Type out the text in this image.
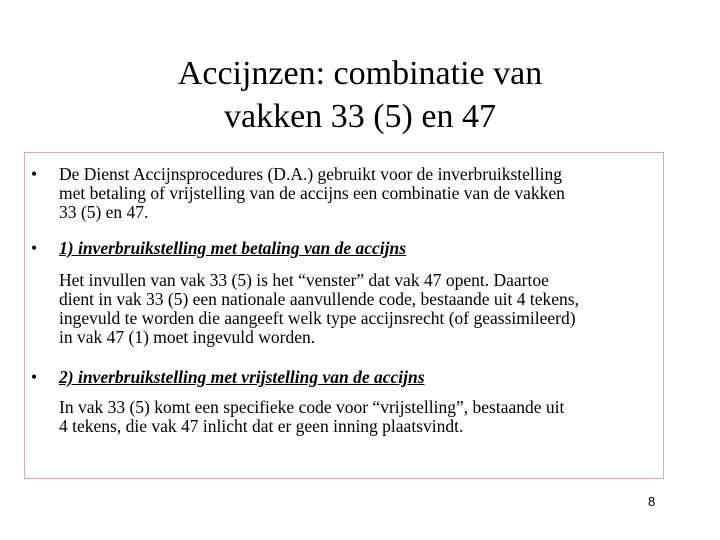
Accijnzen: combinatie van
vakken 33 (5) en 47
• De Dienst Accijnsprocedures (D.A.) gebruikt voor de inverbruikstelling
met betaling of vrijstelling van de accijns een combinatie van de vakken
33 (5) en 47.
• 1) inverbruikstelling met betaling van de accijns
Het invullen van vak 33 (5) is het “venster” dat vak 47 opent. Daartoe
dient in vak 33 (5) een nationale aanvullende code, bestaande uit 4 tekens,
ingevuld te worden die aangeeft welk type accijnsrecht (of geassimileerd)
in vak 47 (1) moet ingevuld worden.
• 2) inverbruikstelling met vrijstelling van de accijns
In vak 33 (5) komt een specifieke code voor “vrijstelling”, bestaande uit
4 tekens, die vak 47 inlicht dat er geen inning plaatsvindt.
8
